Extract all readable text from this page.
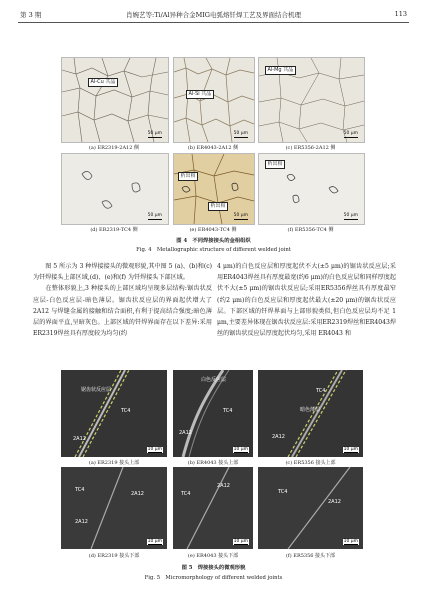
第 3 期	肖婉艺等:Ti/Al异种合金MIG电弧熔钎焊工艺及界面结合机理	113
Al-Cu 共晶
50 μm
Al-Si 共晶
50 μm
Al-Mg 共晶
50 μm
(a) ER2319-2A12 侧	(b) ER4043-2A12 侧	(c) ER5356-2A12 侧
50 μm
析出相
析出相
50 μm
析出相
50 μm
(d) ER2319-TC4 侧	(e) ER4043-TC4 侧	(f) ER5356-TC4 侧
图 4　不同焊接接头的金相组织
Fig. 4　Metallographic structure of different welded joint
　　图 5 所示为 3 种焊接接头的微观形貌,其中图 5 (a)、(b)和(c)为钎焊接头上部区域,(d)、(e)和(f) 为钎焊接头下部区域。
　　在整体形貌上,3 种接头的上部区域均呈现多层结构:锯齿状反应层-白色反应层-暗色薄层。锯齿状反应层的界面起伏增大了 2A12 与焊缝金属的接触和结合面积,有利于提高结合强度;暗色薄层的界面平直,呈暗灰色。上部区域的钎焊界面存在以下差异:采用ER2319焊丝具有厚度较为均匀(约
4 μm)的白色反应层和厚度起伏不大(±5 μm)的锯齿状反应层;采用ER4043焊丝具有厚度最宽(约6 μm)的白色反应层和同样厚度起伏不大(±5 μm)的锯齿状反应层;采用ER5356焊丝具有厚度最窄(约2 μm)的白色反应层和厚度起伏最大(±20 μm)的锯齿状反应层。下部区域的钎焊界面与上部形貌类似,但白色反应层均不足 1 μm,主要差异体现在锯齿状反应层:采用ER2319焊丝和ER4043焊丝的锯齿状反应层厚度起伏均匀,采用 ER4043 和
锯齿状反应层
TC4
2A12
10 μm
白色反应层
TC4
2A12
10 μm
TC4
暗色薄层
2A12
10 μm
(a) ER2319 接头上部	(b) ER4043 接头上部	(c) ER5356 接头上部
2A12
TC4
2A12
10 μm
2A12
TC4
10 μm
2A12
TC4
10 μm
(d) ER2319 接头下部	(e) ER4043 接头下部	(f) ER5356 接头下部
图 5　焊接接头的微观形貌
Fig. 5　Micromorphology of different welded joints
